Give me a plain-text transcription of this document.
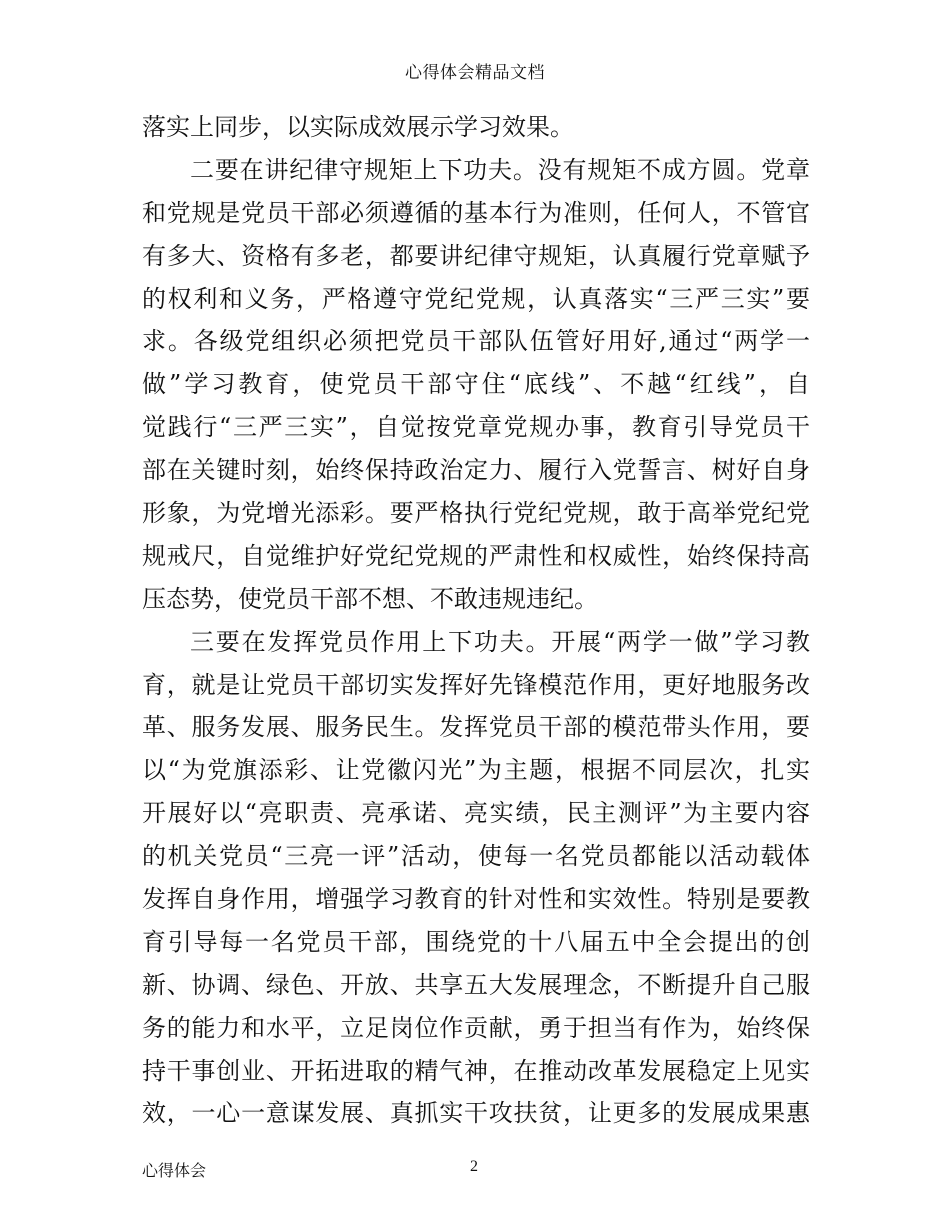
心得体会精品文档
落实上同步，以实际成效展示学习效果。
二要在讲纪律守规矩上下功夫。没有规矩不成方圆。党章
和党规是党员干部必须遵循的基本行为准则，任何人，不管官
有多大、资格有多老，都要讲纪律守规矩，认真履行党章赋予
的权利和义务，严格遵守党纪党规，认真落实“三严三实”要
求。各级党组织必须把党员干部队伍管好用好,通过“两学一
做”学习教育，使党员干部守住“底线”、不越“红线”，自
觉践行“三严三实”，自觉按党章党规办事，教育引导党员干
部在关键时刻，始终保持政治定力、履行入党誓言、树好自身
形象，为党增光添彩。要严格执行党纪党规，敢于高举党纪党
规戒尺，自觉维护好党纪党规的严肃性和权威性，始终保持高
压态势，使党员干部不想、不敢违规违纪。
三要在发挥党员作用上下功夫。开展“两学一做”学习教
育，就是让党员干部切实发挥好先锋模范作用，更好地服务改
革、服务发展、服务民生。发挥党员干部的模范带头作用，要
以“为党旗添彩、让党徽闪光”为主题，根据不同层次，扎实
开展好以“亮职责、亮承诺、亮实绩，民主测评”为主要内容
的机关党员“三亮一评”活动，使每一名党员都能以活动载体
发挥自身作用，增强学习教育的针对性和实效性。特别是要教
育引导每一名党员干部，围绕党的十八届五中全会提出的创
新、协调、绿色、开放、共享五大发展理念，不断提升自己服
务的能力和水平，立足岗位作贡献，勇于担当有作为，始终保
持干事创业、开拓进取的精气神，在推动改革发展稳定上见实
效，一心一意谋发展、真抓实干攻扶贫，让更多的发展成果惠
心得体会	2
